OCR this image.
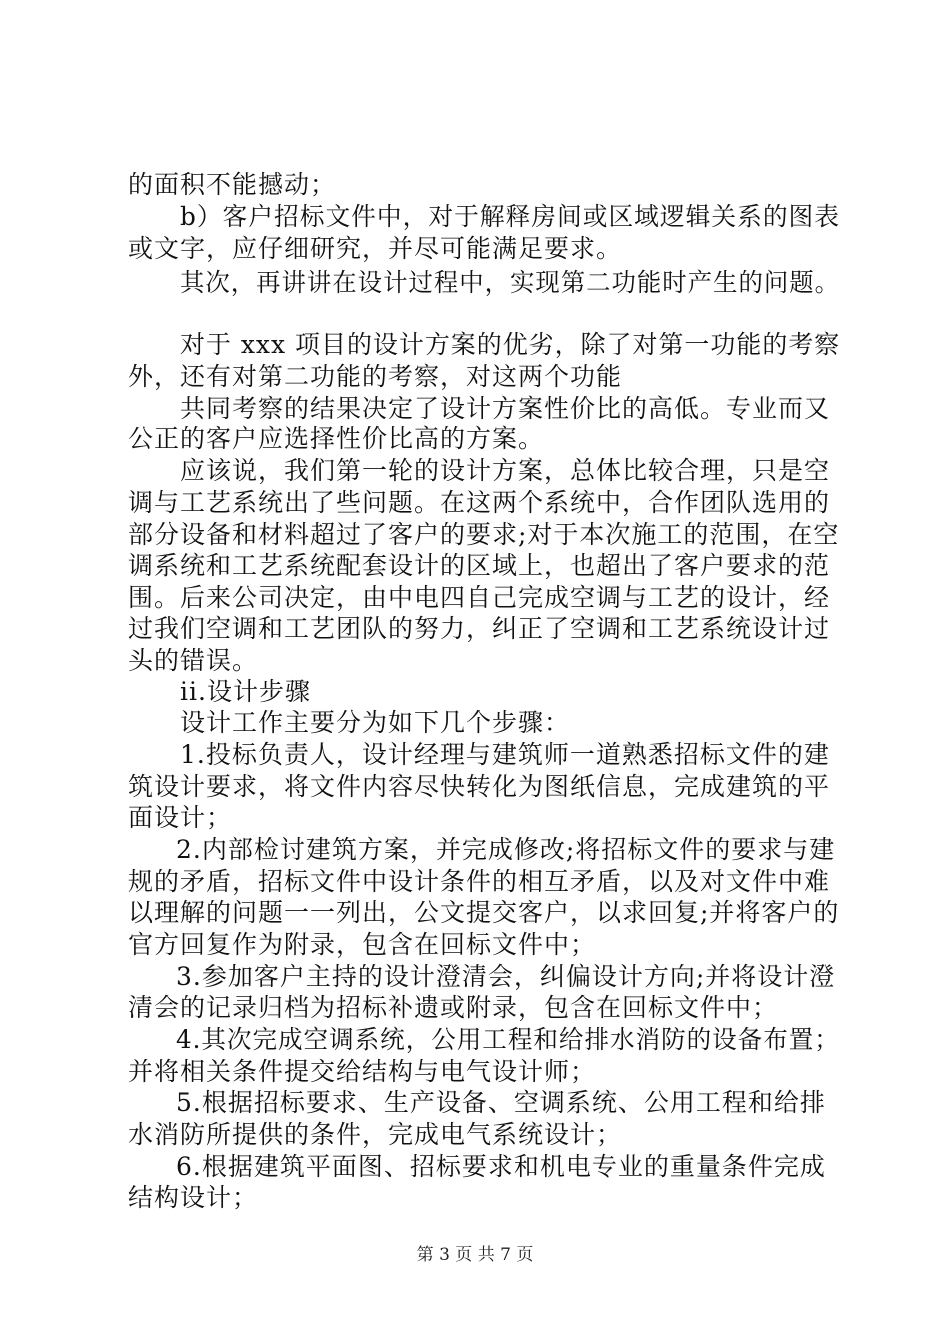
的面积不能撼动；
b）客户招标文件中，对于解释房间或区域逻辑关系的图表
或文字，应仔细研究，并尽可能满足要求。
其次，再讲讲在设计过程中，实现第二功能时产生的问题。
对于 xxx 项目的设计方案的优劣，除了对第一功能的考察
外，还有对第二功能的考察，对这两个功能
共同考察的结果决定了设计方案性价比的高低。专业而又
公正的客户应选择性价比高的方案。
应该说，我们第一轮的设计方案，总体比较合理，只是空
调与工艺系统出了些问题。在这两个系统中，合作团队选用的
部分设备和材料超过了客户的要求;对于本次施工的范围，在空
调系统和工艺系统配套设计的区域上，也超出了客户要求的范
围。后来公司决定，由中电四自己完成空调与工艺的设计，经
过我们空调和工艺团队的努力，纠正了空调和工艺系统设计过
头的错误。
ii.设计步骤
设计工作主要分为如下几个步骤：
1.投标负责人，设计经理与建筑师一道熟悉招标文件的建
筑设计要求，将文件内容尽快转化为图纸信息，完成建筑的平
面设计；
2.内部检讨建筑方案，并完成修改;将招标文件的要求与建
规的矛盾，招标文件中设计条件的相互矛盾，以及对文件中难
以理解的问题一一列出，公文提交客户，以求回复;并将客户的
官方回复作为附录，包含在回标文件中；
3.参加客户主持的设计澄清会，纠偏设计方向;并将设计澄
清会的记录归档为招标补遗或附录，包含在回标文件中；
4.其次完成空调系统，公用工程和给排水消防的设备布置；
并将相关条件提交给结构与电气设计师；
5.根据招标要求、生产设备、空调系统、公用工程和给排
水消防所提供的条件，完成电气系统设计；
6.根据建筑平面图、招标要求和机电专业的重量条件完成
结构设计；
第 3 页 共 7 页
